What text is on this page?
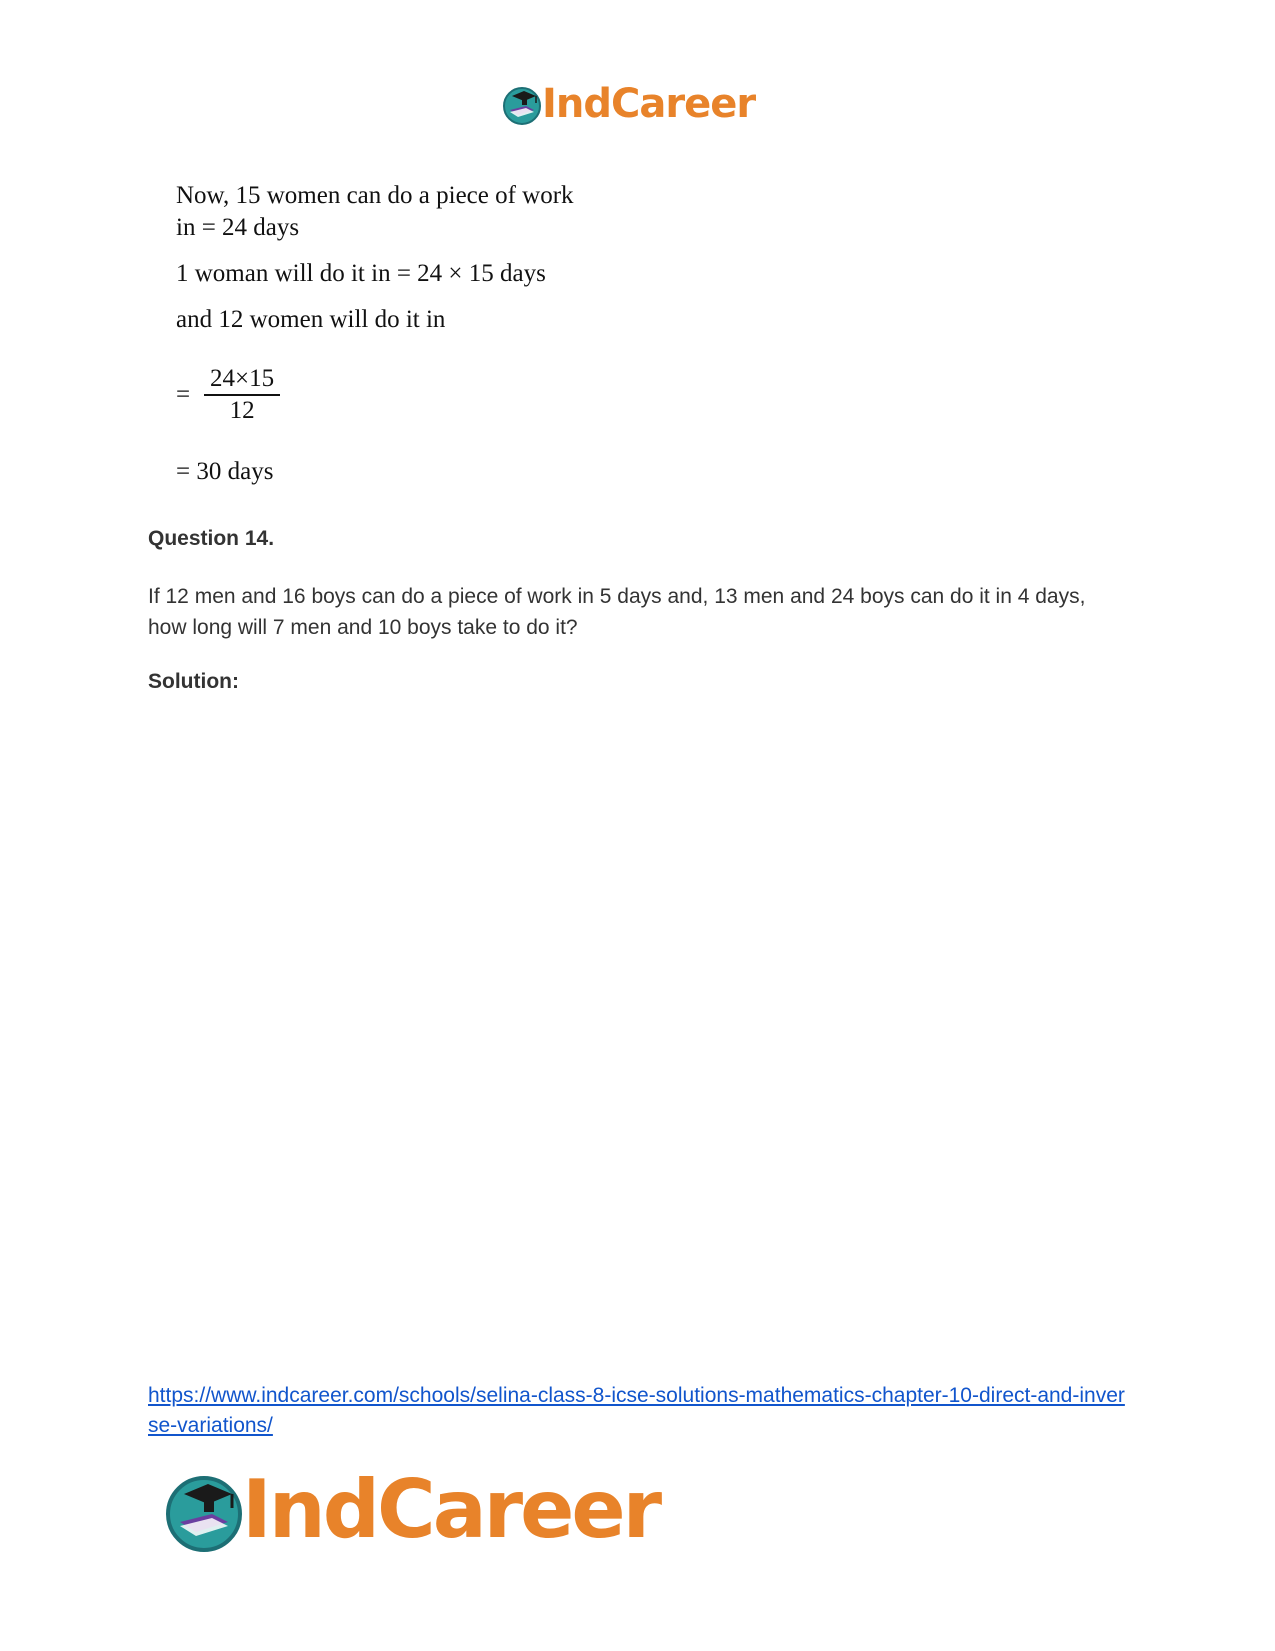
IndCareer
Now, 15 women can do a piece of work
in = 24 days
1 woman will do it in = 24 × 15 days
and 12 women will do it in
= $\frac{24\times 15}{12}$
= 30 days
Question 14.
If 12 men and 16 boys can do a piece of work in 5 days and, 13 men and 24 boys can do it in 4 days, how long will 7 men and 10 boys take to do it?
Solution:
https://www.indcareer.com/schools/selina-class-8-icse-solutions-mathematics-chapter-10-direct-and-inverse-variations/
IndCareer
